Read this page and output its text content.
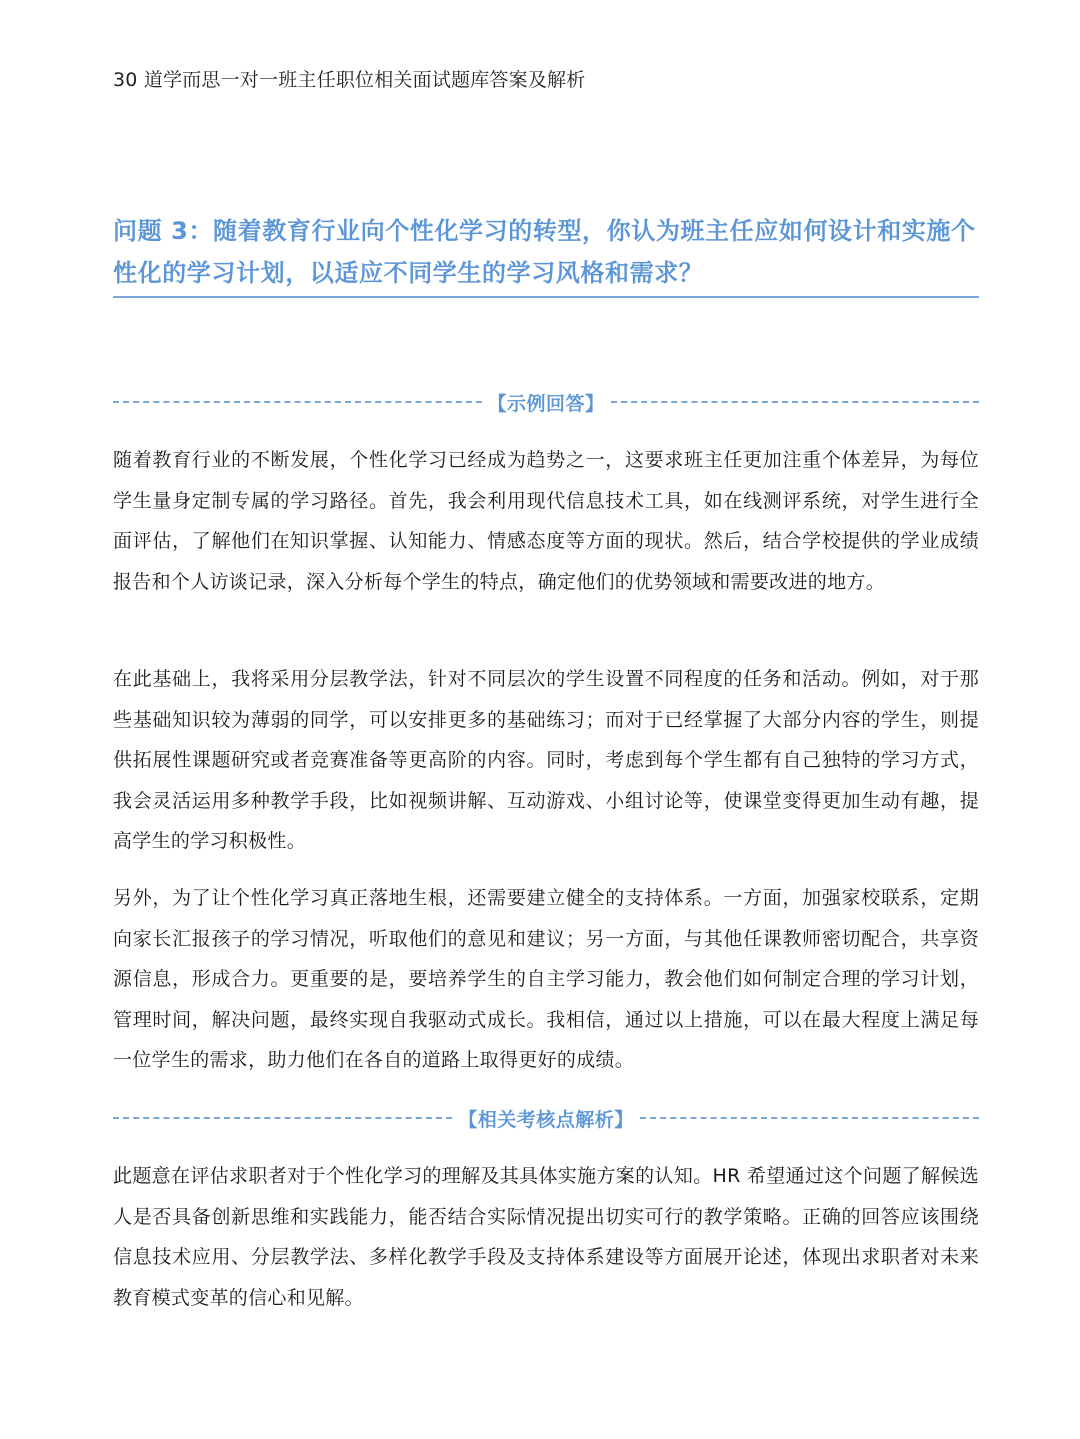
30 道学而思一对一班主任职位相关面试题库答案及解析
问题 3：随着教育行业向个性化学习的转型，你认为班主任应如何设计和实施个性化的学习计划，以适应不同学生的学习风格和需求？
【示例回答】
随着教育行业的不断发展，个性化学习已经成为趋势之一，这要求班主任更加注重个体差异，为每位学生量身定制专属的学习路径。首先，我会利用现代信息技术工具，如在线测评系统，对学生进行全面评估，了解他们在知识掌握、认知能力、情感态度等方面的现状。然后，结合学校提供的学业成绩报告和个人访谈记录，深入分析每个学生的特点，确定他们的优势领域和需要改进的地方。
在此基础上，我将采用分层教学法，针对不同层次的学生设置不同程度的任务和活动。例如，对于那些基础知识较为薄弱的同学，可以安排更多的基础练习；而对于已经掌握了大部分内容的学生，则提供拓展性课题研究或者竞赛准备等更高阶的内容。同时，考虑到每个学生都有自己独特的学习方式，我会灵活运用多种教学手段，比如视频讲解、互动游戏、小组讨论等，使课堂变得更加生动有趣，提高学生的学习积极性。
另外，为了让个性化学习真正落地生根，还需要建立健全的支持体系。一方面，加强家校联系，定期向家长汇报孩子的学习情况，听取他们的意见和建议；另一方面，与其他任课教师密切配合，共享资源信息，形成合力。更重要的是，要培养学生的自主学习能力，教会他们如何制定合理的学习计划，管理时间，解决问题，最终实现自我驱动式成长。我相信，通过以上措施，可以在最大程度上满足每一位学生的需求，助力他们在各自的道路上取得更好的成绩。
【相关考核点解析】
此题意在评估求职者对于个性化学习的理解及其具体实施方案的认知。HR 希望通过这个问题了解候选人是否具备创新思维和实践能力，能否结合实际情况提出切实可行的教学策略。正确的回答应该围绕信息技术应用、分层教学法、多样化教学手段及支持体系建设等方面展开论述，体现出求职者对未来教育模式变革的信心和见解。
